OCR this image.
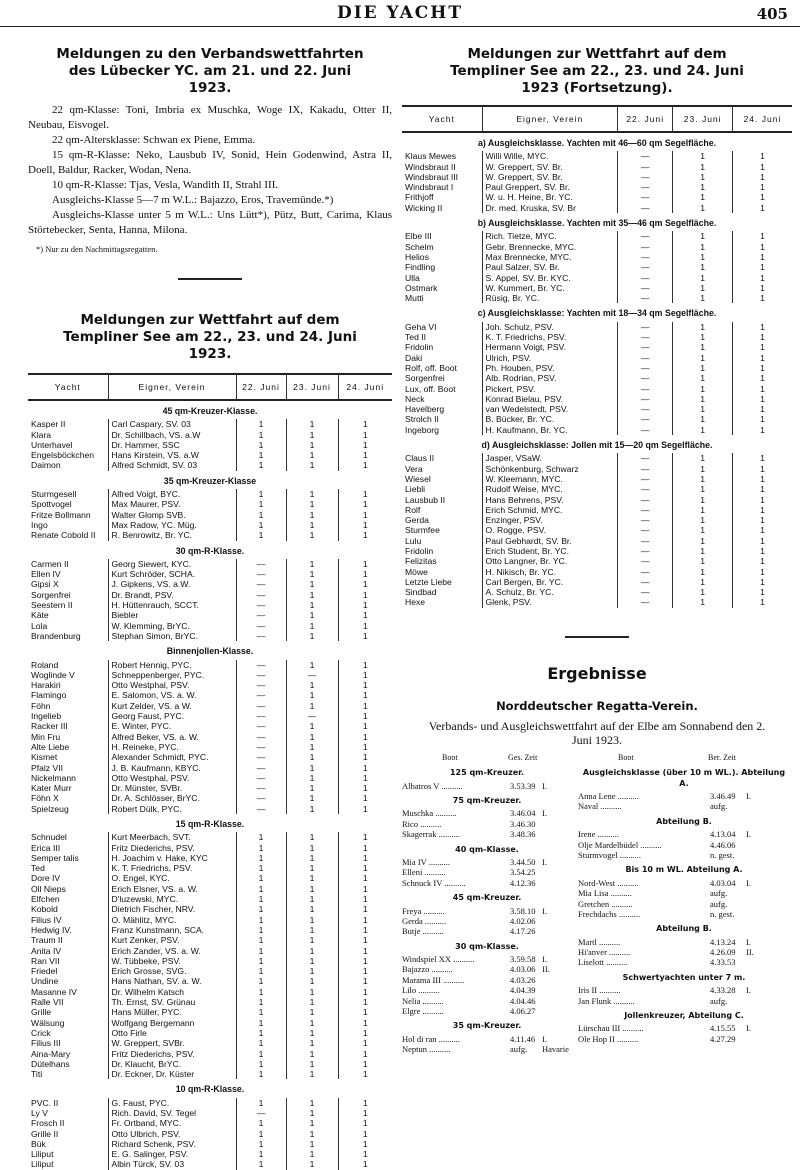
DIE YACHT	405

Meldungen zu den Verbandswettfahrten des Lübecker YC. am 21. und 22. Juni 1923.

22 qm-Klasse: Toni, Imbria ex Muschka, Woge IX, Kakadu, Otter II, Neubau, Eisvogel.

22 qm-Altersklasse: Schwan ex Piene, Emma.

15 qm-R-Klasse: Neko, Lausbub IV, Sonid, Hein Godenwind, Astra II, Doell, Baldur, Racker, Wodan, Nena.

10 qm-R-Klasse: Tjas, Vesla, Wandith II, Strahl III.

Ausgleichs-Klasse 5—7 m W.L.: Bajazzo, Eros, Travemünde.*)

Ausgleichs-Klasse unter 5 m W.L.: Uns Lütt*), Pütz, Butt, Carima, Klaus Störtebecker, Senta, Hanna, Milona.

*) Nur zu den Nachmittagsregatten.

Meldungen zur Wettfahrt auf dem Templiner See am 22., 23. und 24. Juni 1923.

Yacht	Eigner, Verein	22. Juni	23. Juni	24. Juni
45 qm-Kreuzer-Klasse.				
Kasper II	Carl Caspary, SV. 03	1	1	1
Klara	Dr. Schillbach, VS. a.W	1	1	1
Unterhavel	Dr. Hammer, SSC	1	1	1
Engelsböckchen	Hans Kirstein, VS. a.W	1	1	1
Daimon	Alfred Schmidt, SV. 03	1	1	1
35 qm-Kreuzer-Klasse				
Sturmgesell	Alfred Voigt, BYC.	1	1	1
Spottvogel	Max Maurer, PSV.	1	1	1
Fritze Bollmann	Walter Glomp SVB.	1	1	1
Ingo	Max Radow, YC. Müg.	1	1	1
Renate Cobold II	R. Benrowitz, Br. YC.	1	1	1
30 qm-R-Klasse.				
Carmen II	Georg Siewert, KYC.	—	1	1
Ellen IV	Kurt Schröder, SCHA.	—	1	1
Gipsi X	J. Gipkens, VS. a.W.	—	1	1
Sorgenfrei	Dr. Brandt, PSV.	—	1	1
Seestern II	H. Hüttenrauch, SCCT.	—	1	1
Käte	Biebler	—	1	1
Lola	W. Klemming, BrYC.	—	1	1
Brandenburg	Stephan Simon, BrYC.	—	1	1
Binnenjollen-Klasse.				
Roland	Robert Hennig, PYC.	—	1	1
Woglinde V	Schneppenberger, PYC.	—	—	1
Harakiri	Otto Westphal, PSV.	—	1	1
Flamingo	E. Salomon, VS. a. W.	—	1	1
Föhn	Kurt Zelder, VS. a W.	—	1	1
Ingelieb	Georg Faust, PYC.	—	—	1
Racker III	E. Winter, PYC.	—	1	1
Min Fru	Alfred Beker, VS. a. W.	—	1	1
Alte Liebe	H. Reineke, PYC.	—	1	1
Kismet	Alexander Schmidt, PYC.	—	1	1
Pfalz VII	J. B. Kaufmann, KBYC.	—	1	1
Nickelmann	Otto Westphal, PSV.	—	1	1
Kater Murr	Dr. Münster, SVBr.	—	1	1
Föhn X	Dr. A. Schlösser, BrYC.	—	1	1
Spielzeug	Robert Dülk, PYC.	—	1	1
15 qm-R-Klasse.				
Schnudel	Kurt Meerbach, SVT.	1	1	1
Erica III	Fritz Diederichs, PSV.	1	1	1
Semper talis	H. Joachim v. Hake, KYC	1	1	1
Ted	K. T. Friedrichs, PSV.	1	1	1
Dore IV	O. Engel, KYC.	1	1	1
Oll Nieps	Erich Elsner, VS. a. W.	1	1	1
Elfchen	D'luzewski, MYC.	1	1	1
Kobold	Dietrich Fischer, NRV.	1	1	1
Filius IV	O. Mählitz, MYC.	1	1	1
Hedwig IV.	Franz Kunstmann, SCA.	1	1	1
Traum II	Kurt Zenker, PSV.	1	1	1
Anita IV	Erich Zander, VS. a. W.	1	1	1
Ran VII	W. Tübbeke, PSV.	1	1	1
Friedel	Erich Grosse, SVG.	1	1	1
Undine	Hans Nathan, SV. a. W.	1	1	1
Masanne IV	Dr. Wilhelm Katsch	1	1	1
Ralle VII	Th. Ernst, SV. Grünau	1	1	1
Grille	Hans Müller, PYC.	1	1	1
Wälsung	Wolfgang Bergemann	1	1	1
Crick	Otto Firle	1	1	1
Filius III	W. Greppert, SVBr.	1	1	1
Aina-Mary	Fritz Diederichs, PSV.	1	1	1
Dütelhans	Dr. Klaucht, BrYC.	1	1	1
Titi	Dr. Eckner, Dr. Küster	1	1	1
10 qm-R-Klasse.				
PVC. II	G. Faust, PYC.	1	1	1
Ly V	Rich. David, SV. Tegel	—	1	1
Frosch II	Fr. Ortband, MYC.	1	1	1
Grille II	Otto Ulbrich, PSV.	1	1	1
Bük	Richard Schenk, PSV.	1	1	1
Liliput	E. G. Salinger, PSV.	1	1	1
Liliput	Albin Türck, SV. 03	1	1	1

Meldungen zur Wettfahrt auf dem Templiner See am 22., 23. und 24. Juni 1923 (Fortsetzung).

Yacht	Eigner, Verein	22. Juni	23. Juni	24. Juni
a) Ausgleichsklasse. Yachten mit 46—60 qm Segelfläche.				
Klaus Mewes	Willi Wille, MYC.	—	1	1
Windsbraut II	W. Greppert, SV. Br.	—	1	1
Windsbraut III	W. Greppert, SV. Br.	—	1	1
Windsbraut I	Paul Greppert, SV. Br.	—	1	1
Frithjoff	W. u. H. Heine, Br. YC.	—	1	1
Wicking II	Dr. med. Kruska, SV. Br	—	1	1
b) Ausgleichsklasse. Yachten mit 35—46 qm Segelfläche.				
Elbe III	Rich. Tietze, MYC.	—	1	1
Schelm	Gebr. Brennecke, MYC.	—	1	1
Helios	Max Brennecke, MYC.	—	1	1
Findling	Paul Salzer, SV. Br.	—	1	1
Ulla	S. Appel, SV. Br. KYC.	—	1	1
Ostmark	W. Kummert, Br. YC.	—	1	1
Mutti	Rüsig, Br. YC.	—	1	1
c) Ausgleichsklasse: Yachten mit 18—34 qm Segelfläche.				
Geha VI	Joh. Schulz, PSV.	—	1	1
Ted II	K. T. Friedrichs, PSV.	—	1	1
Fridolin	Hermann Voigt, PSV.	—	1	1
Daki	Ulrich, PSV.	—	1	1
Rolf, off. Boot	Ph. Houben, PSV.	—	1	1
Sorgenfrei	Alb. Rodrian, PSV.	—	1	1
Lux, off. Boot	Pickert, PSV.	—	1	1
Neck	Konrad Bielau, PSV.	—	1	1
Havelberg	van Wedelstedt, PSV.	—	1	1
Strolch II	B. Bücker, Br. YC.	—	1	1
Ingeborg	H. Kaufmann, Br. YC.	—	1	1
d) Ausgleichsklasse: Jollen mit 15—20 qm Segelfläche.				
Claus II	Jasper, VSaW.	—	1	1
Vera	Schönkenburg, Schwarz	—	1	1
Wiesel	W. Kleemann, MYC.	—	1	1
Liebli	Rudolf Weise, MYC.	—	1	1
Lausbub II	Hans Behrens, PSV.	—	1	1
Rolf	Erich Schmid, MYC.	—	1	1
Gerda	Enzinger, PSV.	—	1	1
Sturmfee	O. Rogge, PSV.	—	1	1
Lulu	Paul Gebhardt, SV. Br.	—	1	1
Fridolin	Erich Student, Br. YC.	—	1	1
Felizitas	Otto Langner, Br. YC.	—	1	1
Möwe	H. Nikisch, Br. YC.	—	1	1
Letzte Liebe	Carl Bergen, Br. YC.	—	1	1
Sindbad	A. Schulz, Br. YC.	—	1	1
Hexe	Glenk, PSV.	—	1	1
Ergebnisse
Norddeutscher Regatta-Verein.
Verbands- und Ausgleichswettfahrt auf der Elbe am Sonnabend den 2. Juni 1923.
Boot	Ges. Zeit
125 qm-Kreuzer.
Albatros V ..........	3.53.39 I.
75 qm-Kreuzer.
Muschka ..........	3.46.04 I.
Rico ..........	3.46.30
Skagerrak ..........	3.48.36
40 qm-Klasse.
Mia IV ..........	3.44.50 I.
Elleni ..........	3.54.25
Schnuck IV ..........	4.12.36
45 qm-Kreuzer.
Freya ..........	3.58.10 I.
Gerda ..........	4.02.06
Butje ..........	4.17.26
30 qm-Klasse.
Windspiel XX ..........	3.59.58 I.
Bajazzo ..........	4.03.06 II.
Marama III ..........	4.03.26
Lilo ..........	4.04.39
Nelia ..........	4.04.46
Elgre ..........	4.06.27
35 qm-Kreuzer.
Hol di ran ..........	4.11.46 I.
Neptun ..........	aufg. Havarie
Boot	Ber. Zeit
Ausgleichsklasse (über 10 m WL.). Abteilung A.
Anna Lene ..........	3.46.49 I.
Naval ..........	aufg.
Abteilung B.
Irene ..........	4.13.04 I.
Olje Mardelbüdel ..........	4.46.06
Sturmvogel ..........	n. gest.
Bis 10 m WL. Abteilung A.
Nord-West ..........	4.03.04 I.
Mia Lisa ..........	aufg.
Gretchen ..........	aufg.
Frechdachs ..........	n. gest.
Abteilung B.
Martl ..........	4.13.24 I.
Hi'anver ..........	4.26.09 II.
Liselott ..........	4.33.53
Schwertyachten unter 7 m.
Iris II ..........	4.33.28 I.
Jan Flunk ..........	aufg.
Jollenkreuzer, Abteilung C.
Lürschau III ..........	4.15.55 I.
Ole Hop II ..........	4.27.29
